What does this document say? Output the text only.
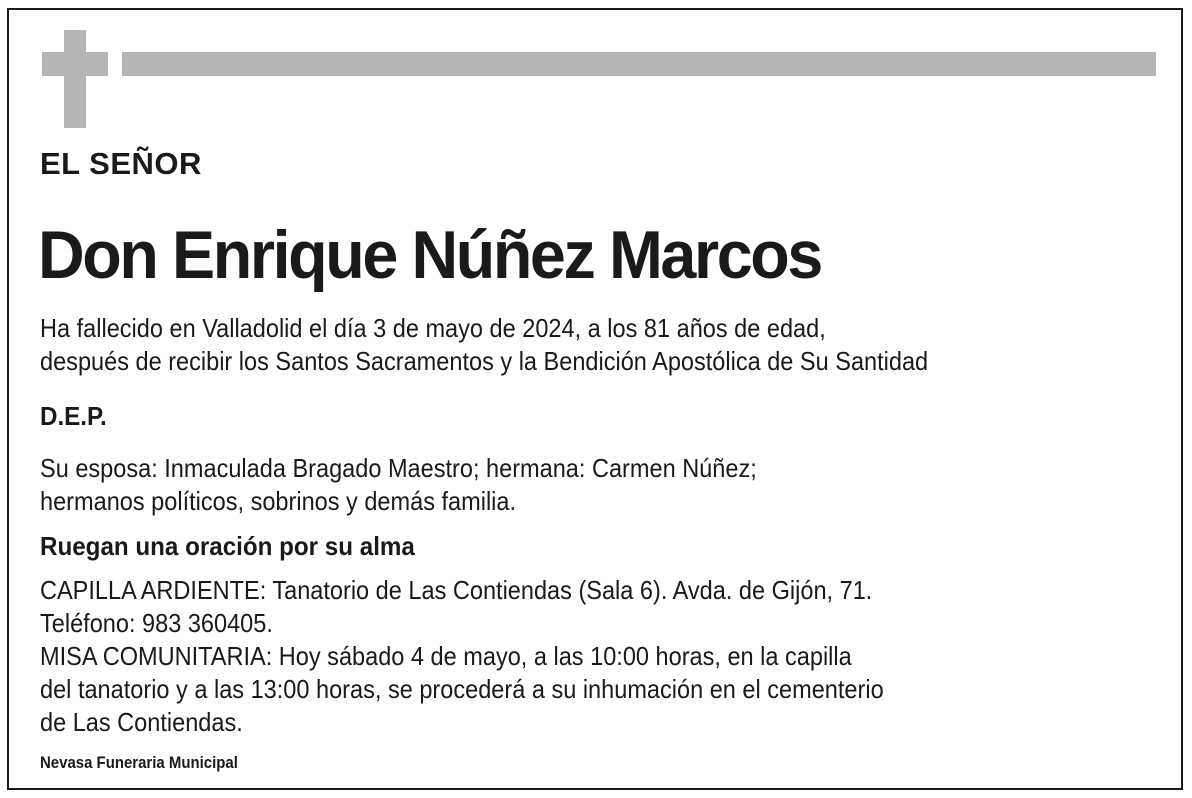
EL SEÑOR
Don Enrique Núñez Marcos
Ha fallecido en Valladolid el día 3 de mayo de 2024, a los 81 años de edad,
después de recibir los Santos Sacramentos y la Bendición Apostólica de Su Santidad
D.E.P.
Su esposa: Inmaculada Bragado Maestro; hermana: Carmen Núñez;
hermanos políticos, sobrinos y demás familia.
Ruegan una oración por su alma
CAPILLA ARDIENTE: Tanatorio de Las Contiendas (Sala 6). Avda. de Gijón, 71.
Teléfono: 983 360405.
MISA COMUNITARIA: Hoy sábado 4 de mayo, a las 10:00 horas, en la capilla
del tanatorio y a las 13:00 horas, se procederá a su inhumación en el cementerio
de Las Contiendas.
Nevasa Funeraria Municipal
